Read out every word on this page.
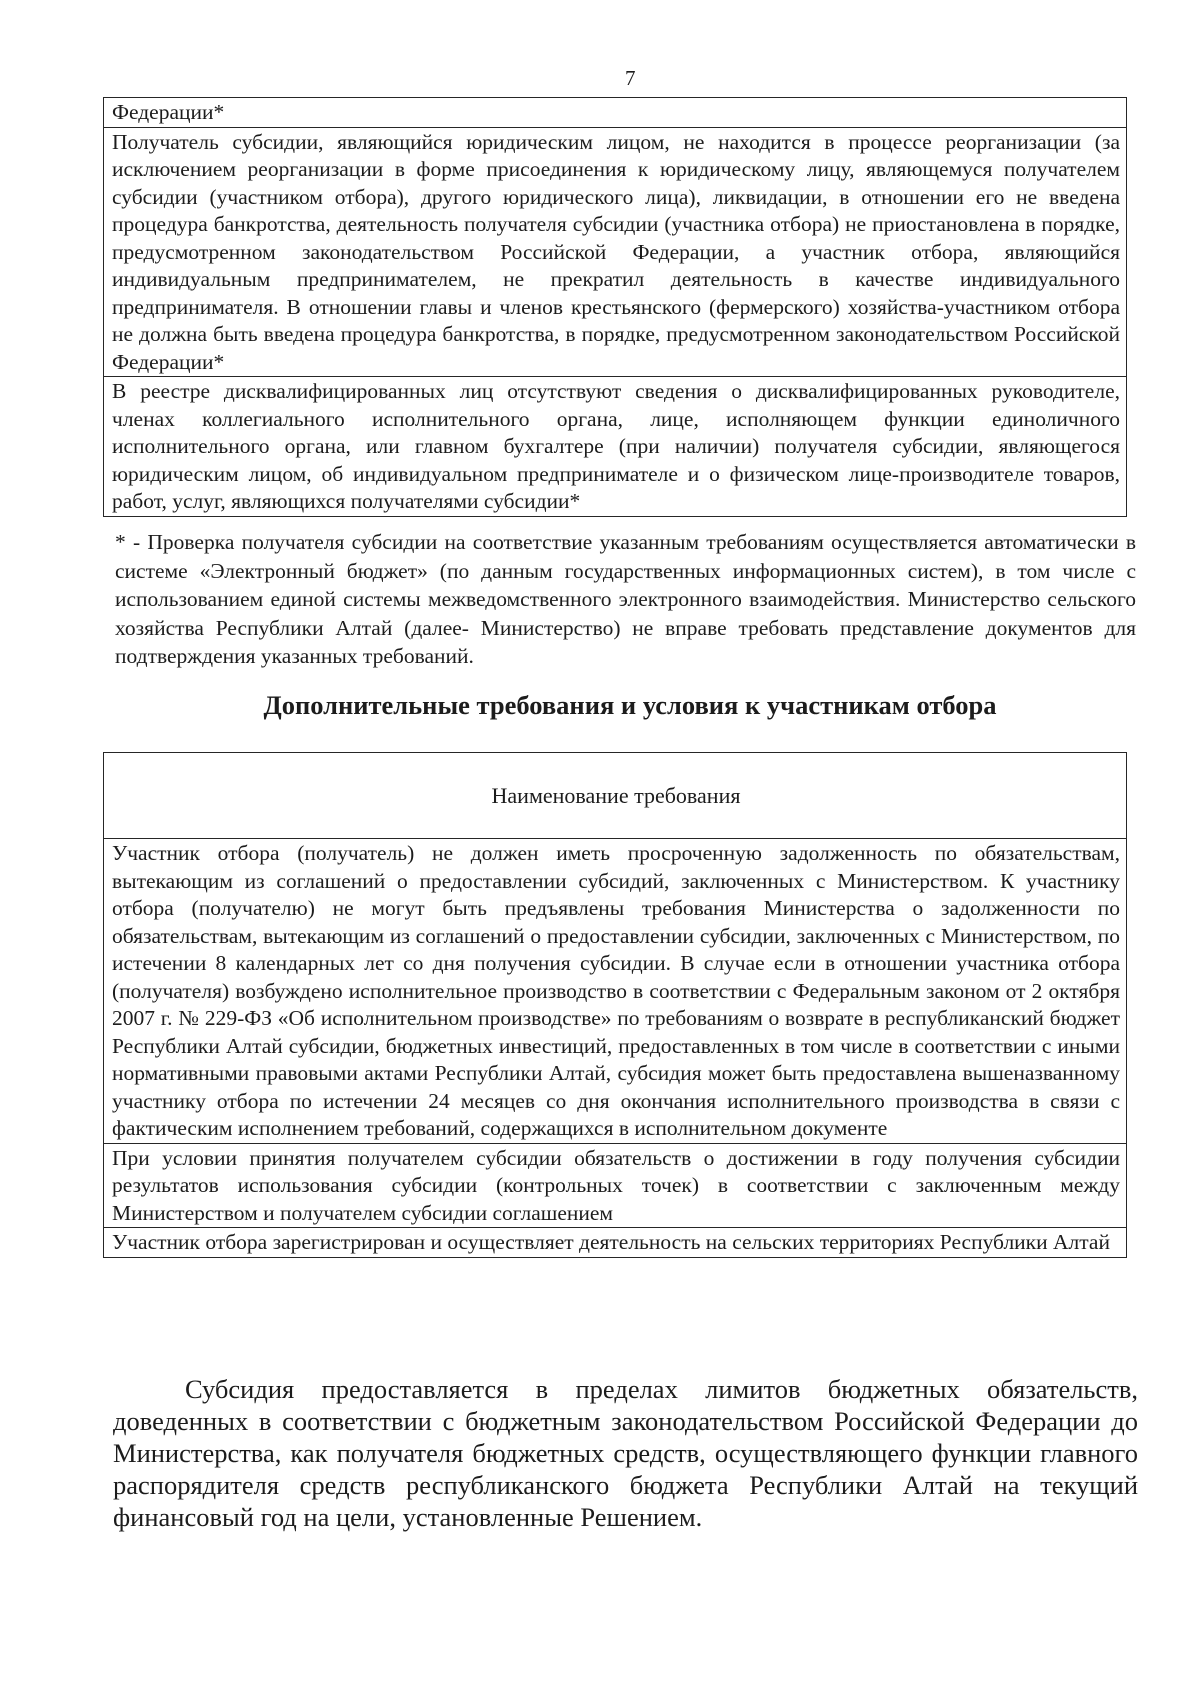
7
Федерации*
Получатель субсидии, являющийся юридическим лицом, не находится в процессе реорганизации (за исключением реорганизации в форме присоединения к юридическому лицу, являющемуся получателем субсидии (участником отбора), другого юридического лица), ликвидации, в отношении его не введена процедура банкротства, деятельность получателя субсидии (участника отбора) не приостановлена в порядке, предусмотренном законодательством Российской Федерации, а участник отбора, являющийся индивидуальным предпринимателем, не прекратил деятельность в качестве индивидуального предпринимателя. В отношении главы и членов крестьянского (фермерского) хозяйства-участником отбора не должна быть введена процедура банкротства, в порядке, предусмотренном законодательством Российской Федерации*
В реестре дисквалифицированных лиц отсутствуют сведения о дисквалифицированных руководителе, членах коллегиального исполнительного органа, лице, исполняющем функции единоличного исполнительного органа, или главном бухгалтере (при наличии) получателя субсидии, являющегося юридическим лицом, об индивидуальном предпринимателе и о физическом лице-производителе товаров, работ, услуг, являющихся получателями субсидии*

* - Проверка получателя субсидии на соответствие указанным требованиям осуществляется автоматически в системе «Электронный бюджет» (по данным государственных информационных систем), в том числе с использованием единой системы межведомственного электронного взаимодействия. Министерство сельского хозяйства Республики Алтай (далее- Министерство) не вправе требовать представление документов для подтверждения указанных требований.

Дополнительные требования и условия к участникам отбора
Наименование требования
Участник отбора (получатель) не должен иметь просроченную задолженность по обязательствам, вытекающим из соглашений о предоставлении субсидий, заключенных с Министерством. К участнику отбора (получателю) не могут быть предъявлены требования Министерства о задолженности по обязательствам, вытекающим из соглашений о предоставлении субсидии, заключенных с Министерством, по истечении 8 календарных лет со дня получения субсидии. В случае если в отношении участника отбора (получателя) возбуждено исполнительное производство в соответствии с Федеральным законом от 2 октября 2007 г. № 229-ФЗ «Об исполнительном производстве» по требованиям о возврате в республиканский бюджет Республики Алтай субсидии, бюджетных инвестиций, предоставленных в том числе в соответствии с иными нормативными правовыми актами Республики Алтай, субсидия может быть предоставлена вышеназванному участнику отбора по истечении 24 месяцев со дня окончания исполнительного производства в связи с фактическим исполнением требований, содержащихся в исполнительном документе
При условии принятия получателем субсидии обязательств о достижении в году получения субсидии результатов использования субсидии (контрольных точек) в соответствии с заключенным между Министерством и получателем субсидии соглашением
Участник отбора зарегистрирован и осуществляет деятельность на сельских территориях Республики Алтай

Субсидия предоставляется в пределах лимитов бюджетных обязательств, доведенных в соответствии с бюджетным законодательством Российской Федерации до Министерства, как получателя бюджетных средств, осуществляющего функции главного распорядителя средств республиканского бюджета Республики Алтай на текущий финансовый год на цели, установленные Решением.
